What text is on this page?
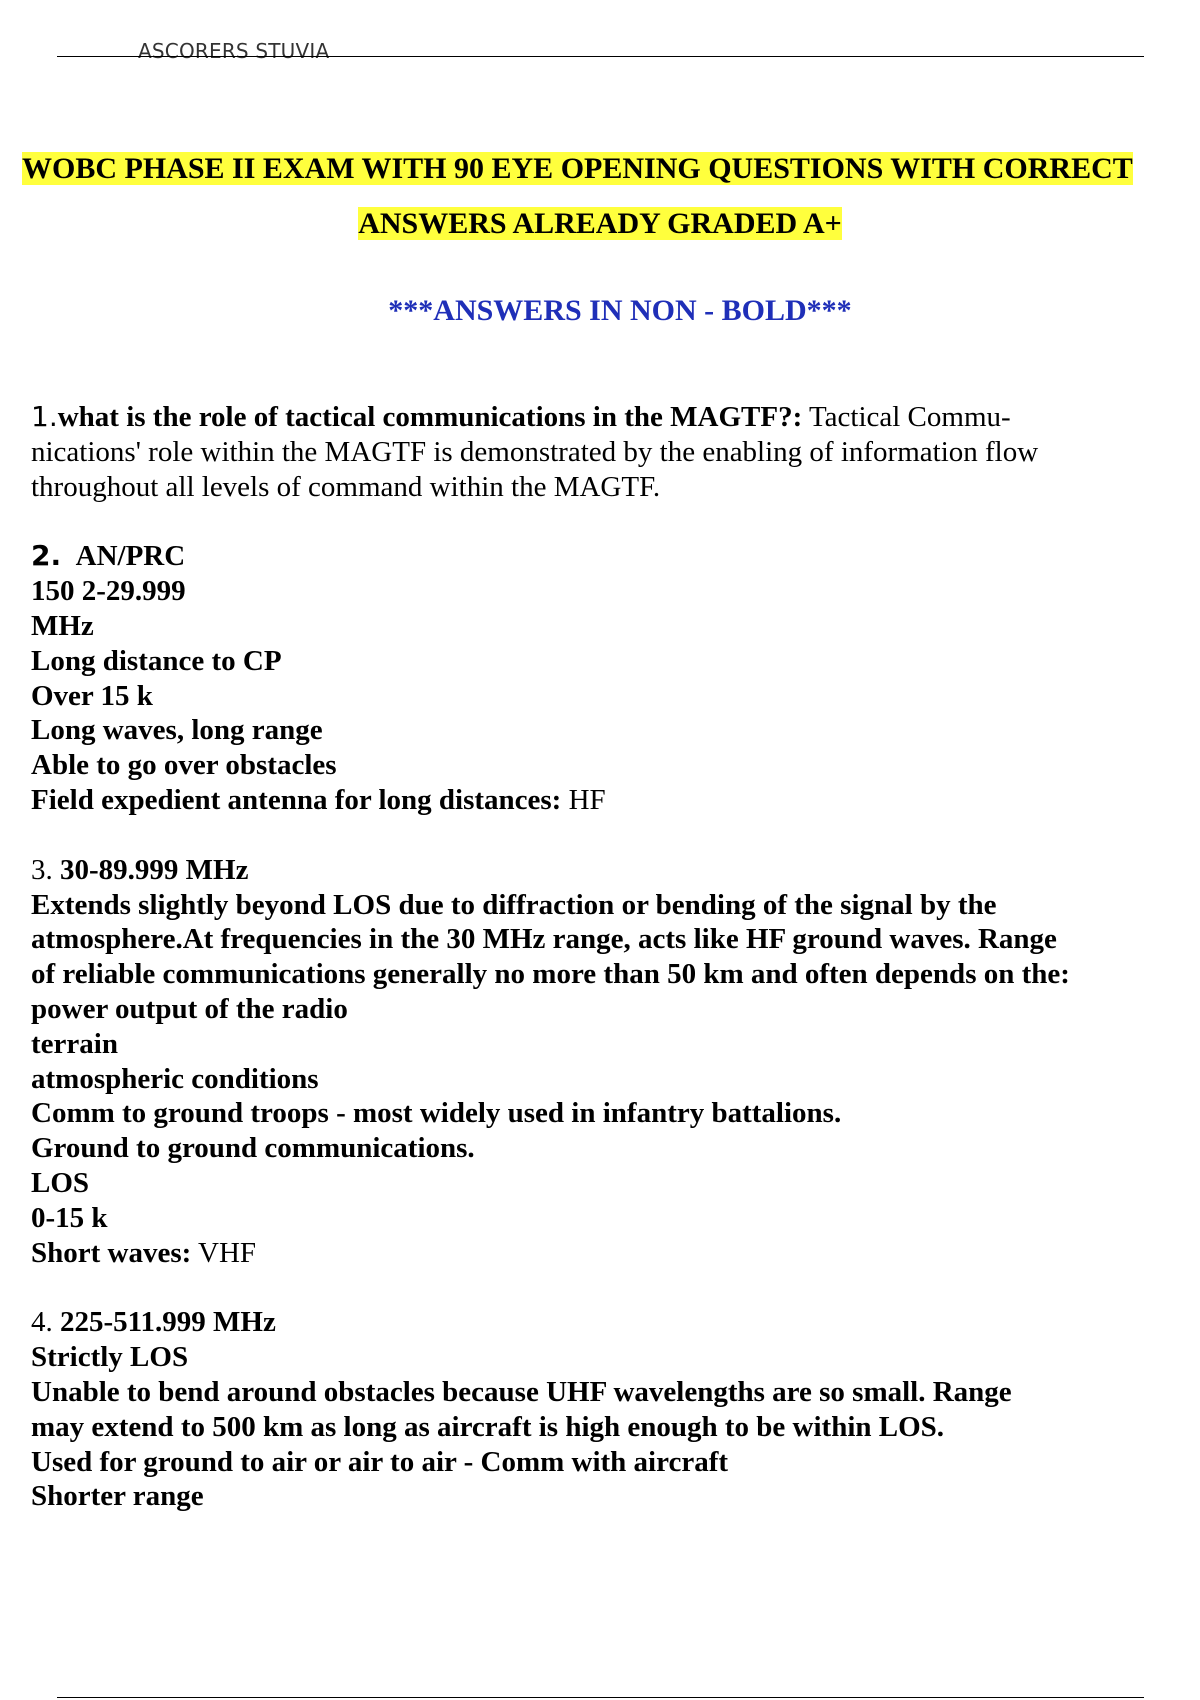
ASCORERS STUVIA
WOBC PHASE II EXAM WITH 90 EYE OPENING QUESTIONS WITH CORRECT
ANSWERS ALREADY GRADED A+
***ANSWERS IN NON - BOLD***

1.what is the role of tactical communications in the MAGTF?: Tactical Commu-

nications' role within the MAGTF is demonstrated by the enabling of information flow

throughout all levels of command within the MAGTF.

2. AN/PRC

150 2-29.999

MHz

Long distance to CP

Over 15 k

Long waves, long range

Able to go over obstacles

Field expedient antenna for long distances: HF

3. 30-89.999 MHz

Extends slightly beyond LOS due to diffraction or bending of the signal by the

atmosphere.At frequencies in the 30 MHz range, acts like HF ground waves. Range

of reliable communications generally no more than 50 km and often depends on the:

power output of the radio

terrain

atmospheric conditions

Comm to ground troops - most widely used in infantry battalions.

Ground to ground communications.

LOS

0-15 k

Short waves: VHF

4. 225-511.999 MHz

Strictly LOS

Unable to bend around obstacles because UHF wavelengths are so small. Range

may extend to 500 km as long as aircraft is high enough to be within LOS.

Used for ground to air or air to air - Comm with aircraft

Shorter range
